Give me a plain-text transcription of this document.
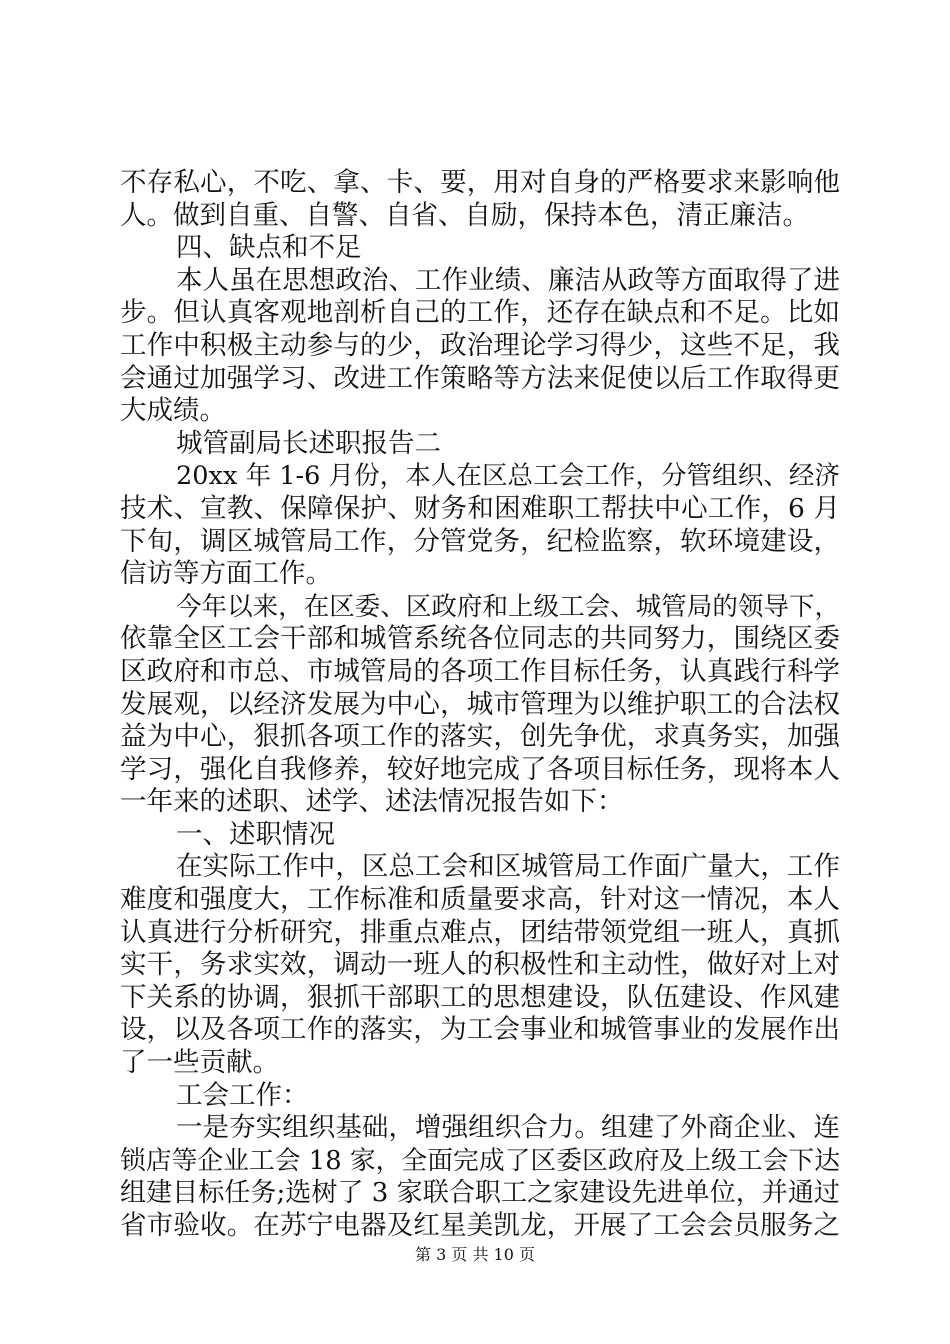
不存私心，不吃、拿、卡、要，用对自身的严格要求来影响他
人。做到自重、自警、自省、自励，保持本色，清正廉洁。
四、缺点和不足
本人虽在思想政治、工作业绩、廉洁从政等方面取得了进
步。但认真客观地剖析自己的工作，还存在缺点和不足。比如
工作中积极主动参与的少，政治理论学习得少，这些不足，我
会通过加强学习、改进工作策略等方法来促使以后工作取得更
大成绩。
城管副局长述职报告二
20xx 年 1-6 月份，本人在区总工会工作，分管组织、经济
技术、宣教、保障保护、财务和困难职工帮扶中心工作，6 月
下旬，调区城管局工作，分管党务，纪检监察，软环境建设，
信访等方面工作。
今年以来，在区委、区政府和上级工会、城管局的领导下，
依靠全区工会干部和城管系统各位同志的共同努力，围绕区委
区政府和市总、市城管局的各项工作目标任务，认真践行科学
发展观，以经济发展为中心，城市管理为以维护职工的合法权
益为中心，狠抓各项工作的落实，创先争优，求真务实，加强
学习，强化自我修养，较好地完成了各项目标任务，现将本人
一年来的述职、述学、述法情况报告如下：
一、述职情况
在实际工作中，区总工会和区城管局工作面广量大，工作
难度和强度大，工作标准和质量要求高，针对这一情况，本人
认真进行分析研究，排重点难点，团结带领党组一班人，真抓
实干，务求实效，调动一班人的积极性和主动性，做好对上对
下关系的协调，狠抓干部职工的思想建设，队伍建设、作风建
设，以及各项工作的落实，为工会事业和城管事业的发展作出
了一些贡献。
工会工作：
一是夯实组织基础，增强组织合力。组建了外商企业、连
锁店等企业工会 18 家，全面完成了区委区政府及上级工会下达
组建目标任务;选树了 3 家联合职工之家建设先进单位，并通过
省市验收。在苏宁电器及红星美凯龙，开展了工会会员服务之
第 3 页 共 10 页
